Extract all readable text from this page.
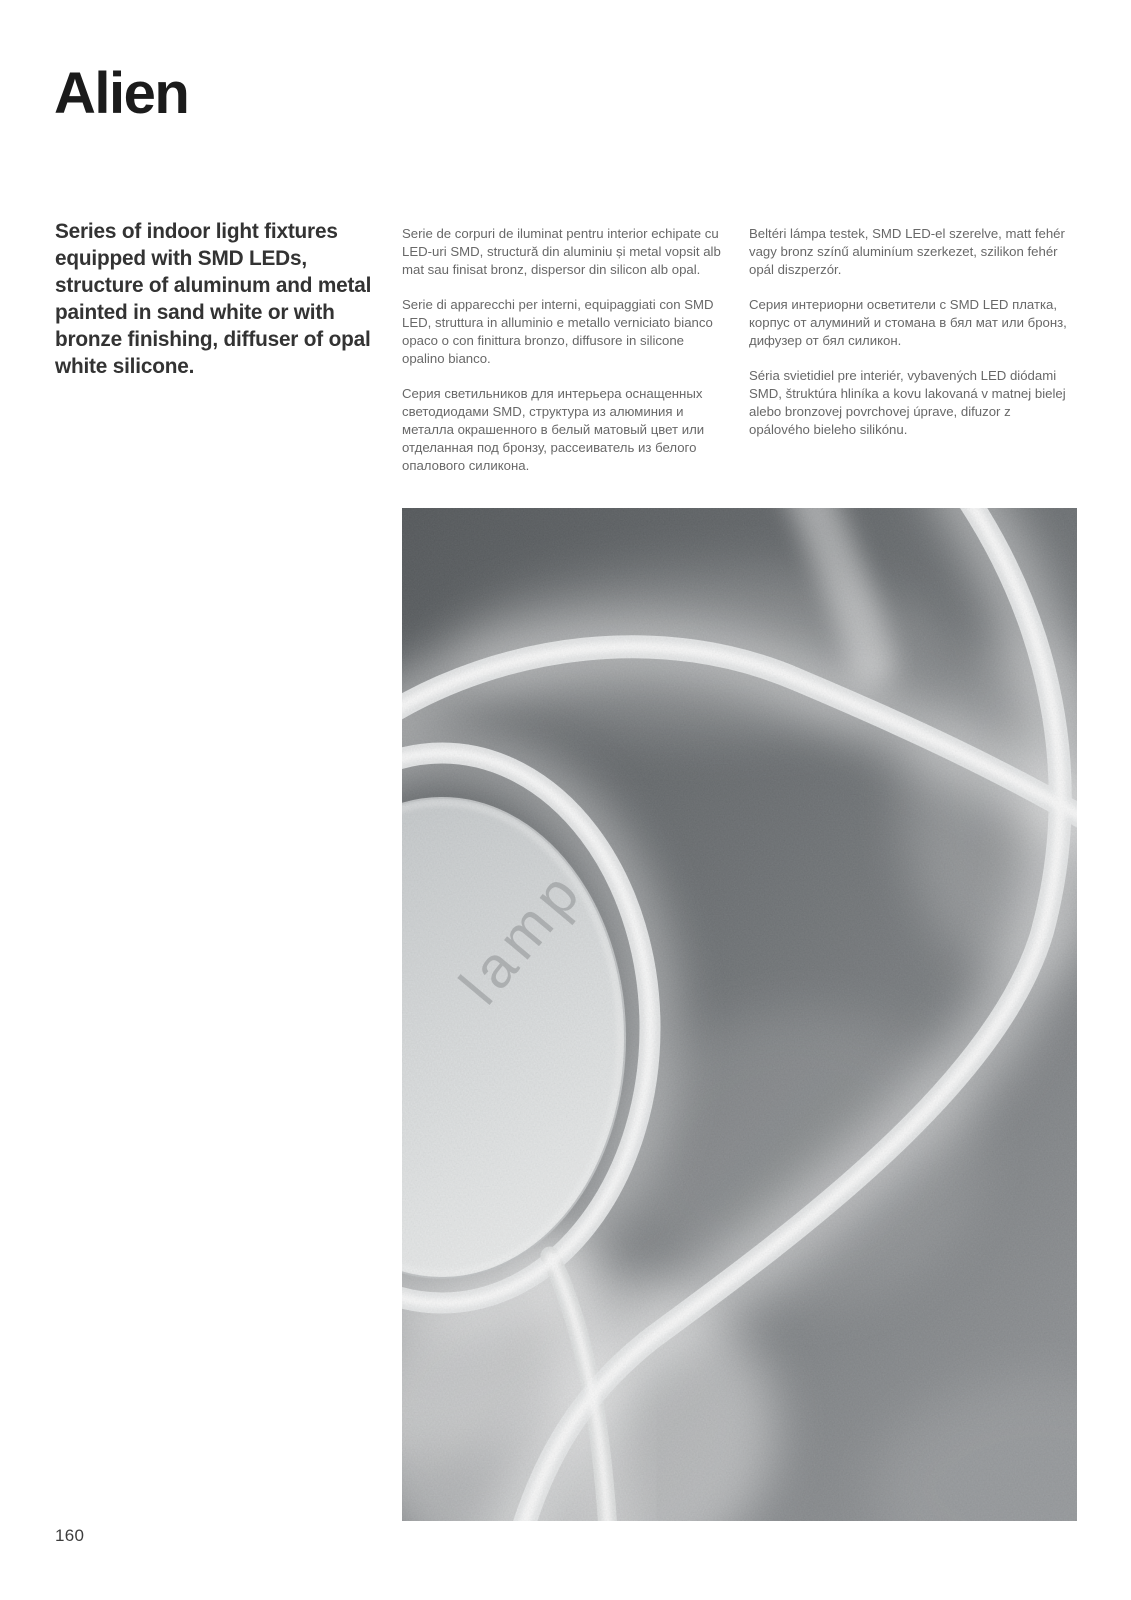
Alien

Series of indoor light fixtures equipped with SMD LEDs, structure of aluminum and metal painted in sand white or with bronze finishing, diffuser of opal white silicone.

Serie de corpuri de iluminat pentru interior echipate cu LED-uri SMD, structură din aluminiu și metal vopsit alb mat sau finisat bronz, dispersor din silicon alb opal.

Serie di apparecchi per interni, equipaggiati con SMD LED, struttura in alluminio e metallo verniciato bianco opaco o con finittura bronzo, diffusore in silicone opalino bianco.

Серия светильников для интерьера оснащенных светодиодами SMD, структура из алюминия и металла окрашенного в белый матовый цвет или отделанная под бронзу, рассеиватель из белого опалового силикона.

Beltéri lámpa testek, SMD LED-el szerelve, matt fehér vagy bronz színű aluminíum szerkezet, szilikon fehér opál diszperzór.

Серия интериорни осветители с SMD LED платка, корпус от алуминий и стомана в бял мат или бронз, дифузер от бял силикон.

Séria svietidiel pre interiér, vybavených LED diódami SMD, štruktúra hliníka a kovu lakovaná v matnej bielej alebo bronzovej povrchovej úprave, difuzor z opálového bieleho silikónu.

lamp
160
